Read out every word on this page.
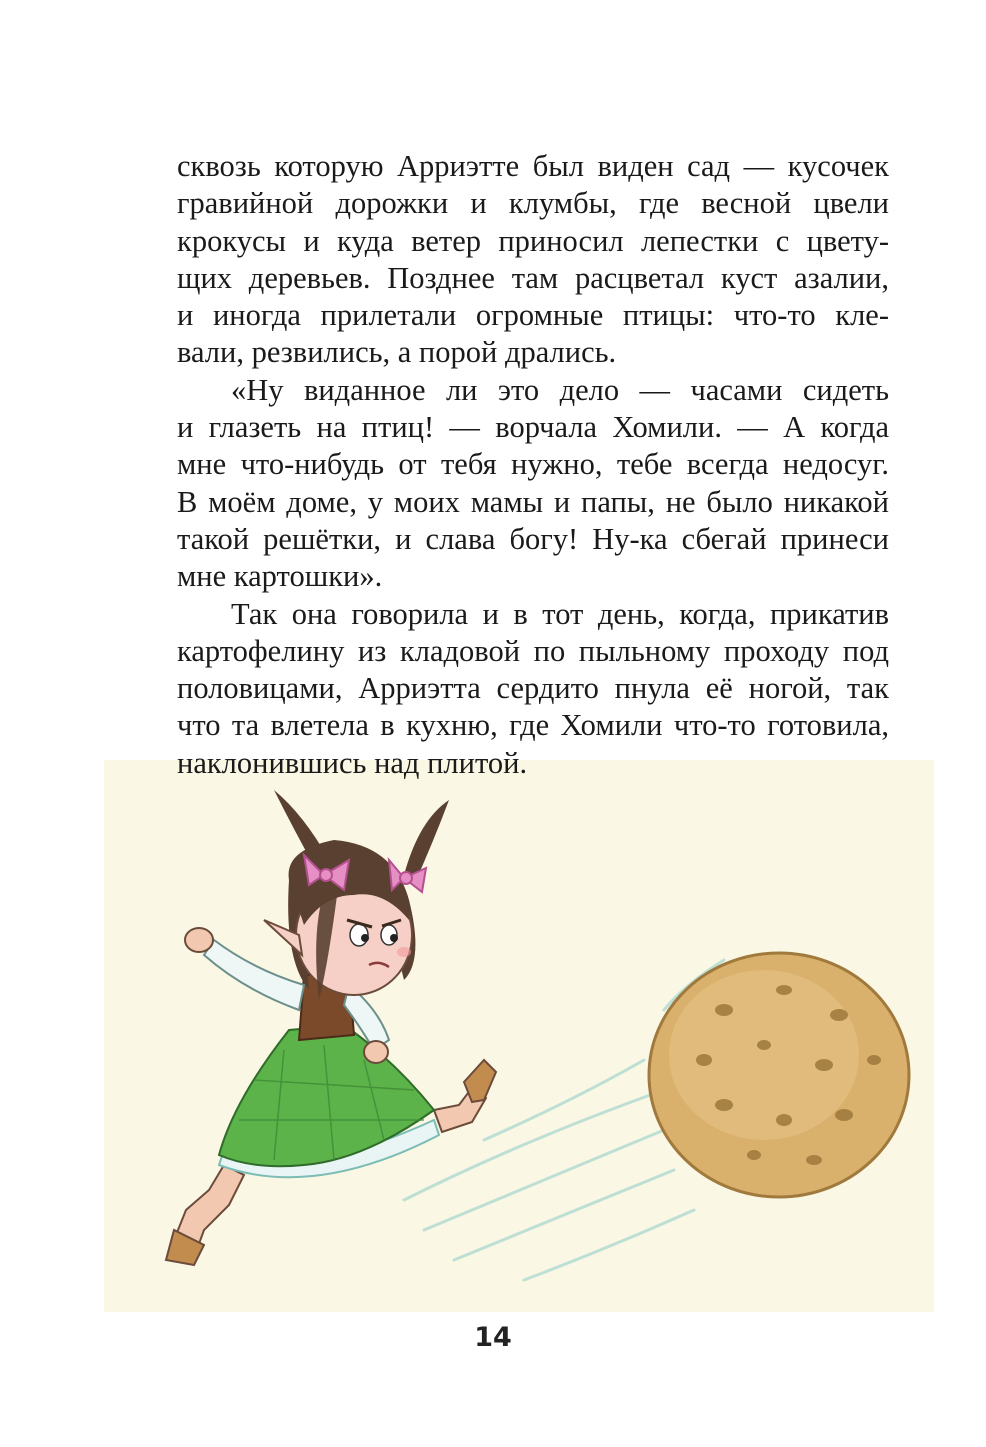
сквозь которую Арриэтте был виден сад — кусочек
гравийной дорожки и клумбы, где весной цвели
крокусы и куда ветер приносил лепестки с цвету-
щих деревьев. Позднее там расцветал куст азалии,
и иногда прилетали огромные птицы: что-то кле-
вали, резвились, а порой дрались.
«Ну виданное ли это дело — часами сидеть
и глазеть на птиц! — ворчала Хомили. — А когда
мне что-нибудь от тебя нужно, тебе всегда недосуг.
В моём доме, у моих мамы и папы, не было никакой
такой решётки, и слава богу! Ну-ка сбегай принеси
мне картошки».
Так она говорила и в тот день, когда, прикатив
картофелину из кладовой по пыльному проходу под
половицами, Арриэтта сердито пнула её ногой, так
что та влетела в кухню, где Хомили что-то готовила,
наклонившись над плитой.
14
